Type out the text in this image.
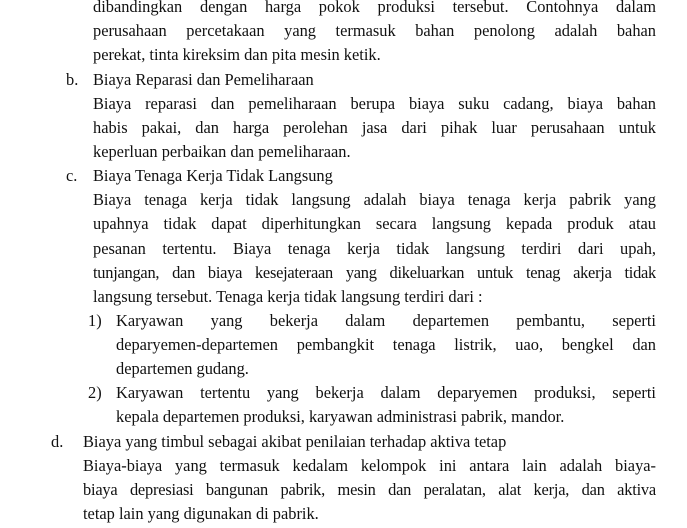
dibandingkan dengan harga pokok produksi tersebut. Contohnya dalam
perusahaan percetakaan yang termasuk bahan penolong adalah bahan
perekat, tinta kireksim dan pita mesin ketik.
b. Biaya Reparasi dan Pemeliharaan
Biaya reparasi dan pemeliharaan berupa biaya suku cadang, biaya bahan
habis pakai, dan harga perolehan jasa dari pihak luar perusahaan untuk
keperluan perbaikan dan pemeliharaan.
c. Biaya Tenaga Kerja Tidak Langsung
Biaya tenaga kerja tidak langsung adalah biaya tenaga kerja pabrik yang
upahnya tidak dapat diperhitungkan secara langsung kepada produk atau
pesanan tertentu. Biaya tenaga kerja tidak langsung terdiri dari upah,
tunjangan, dan biaya kesejateraan yang dikeluarkan untuk tenag akerja tidak
langsung tersebut. Tenaga kerja tidak langsung terdiri dari :
1) Karyawan yang bekerja dalam departemen pembantu, seperti
deparyemen-departemen pembangkit tenaga listrik, uao, bengkel dan
departemen gudang.
2) Karyawan tertentu yang bekerja dalam deparyemen produksi, seperti
kepala departemen produksi, karyawan administrasi pabrik, mandor.
d. Biaya yang timbul sebagai akibat penilaian terhadap aktiva tetap
Biaya-biaya yang termasuk kedalam kelompok ini antara lain adalah biaya-
biaya depresiasi bangunan pabrik, mesin dan peralatan, alat kerja, dan aktiva
tetap lain yang digunakan di pabrik.
